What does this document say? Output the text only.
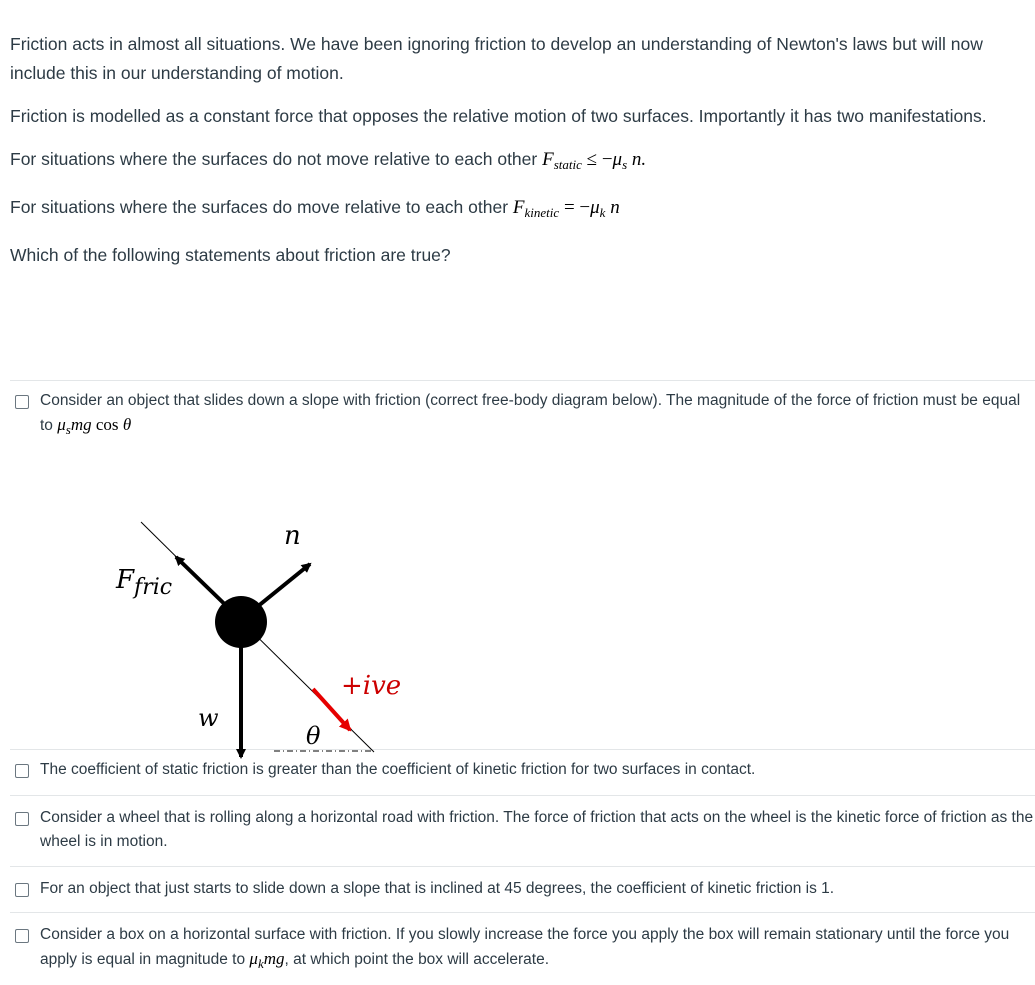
Friction acts in almost all situations. We have been ignoring friction to develop an understanding of Newton's laws but will now include this in our understanding of motion.

Friction is modelled as a constant force that opposes the relative motion of two surfaces. Importantly it has two manifestations.

For situations where the surfaces do not move relative to each other $F_{static} \le -\mu_s$ n.

For situations where the surfaces do move relative to each other $F_{kinetic} = -\mu_k$ n

Which of the following statements about friction are true?

Consider an object that slides down a slope with friction (correct free-body diagram below). The magnitude of the force of friction must be equal to $\mu_smg$ cos θ
n
$F_{fric}$
w
θ
+ive
The coefficient of static friction is greater than the coefficient of kinetic friction for two surfaces in contact.
Consider a wheel that is rolling along a horizontal road with friction. The force of friction that acts on the wheel is the kinetic force of friction as the wheel is in motion.
For an object that just starts to slide down a slope that is inclined at 45 degrees, the coefficient of kinetic friction is 1.
Consider a box on a horizontal surface with friction. If you slowly increase the force you apply the box will remain stationary until the force you apply is equal in magnitude to $\mu_kmg$, at which point the box will accelerate.
